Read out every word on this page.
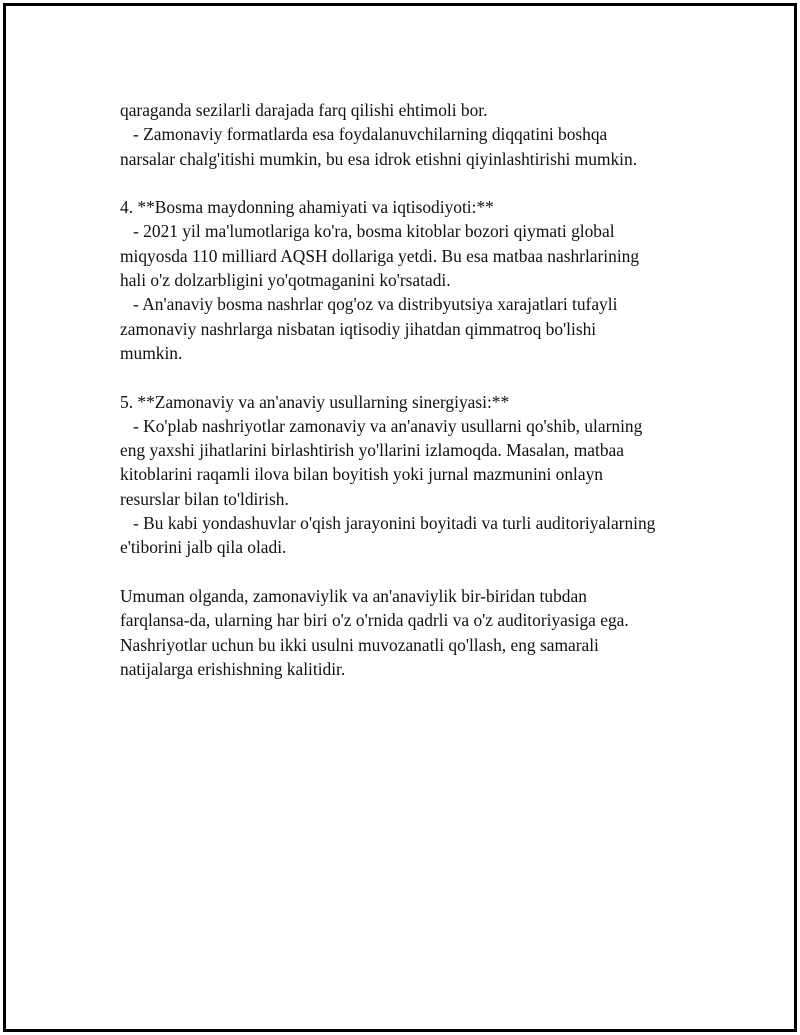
qaraganda sezilarli darajada farq qilishi ehtimoli bor.
- Zamonaviy formatlarda esa foydalanuvchilarning diqqatini boshqa
narsalar chalg'itishi mumkin, bu esa idrok etishni qiyinlashtirishi mumkin.
4. **Bosma maydonning ahamiyati va iqtisodiyoti:**
- 2021 yil ma'lumotlariga ko'ra, bosma kitoblar bozori qiymati global
miqyosda 110 milliard AQSH dollariga yetdi. Bu esa matbaa nashrlarining
hali o'z dolzarbligini yo'qotmaganini ko'rsatadi.
- An'anaviy bosma nashrlar qog'oz va distribyutsiya xarajatlari tufayli
zamonaviy nashrlarga nisbatan iqtisodiy jihatdan qimmatroq bo'lishi
mumkin.
5. **Zamonaviy va an'anaviy usullarning sinergiyasi:**
- Ko'plab nashriyotlar zamonaviy va an'anaviy usullarni qo'shib, ularning
eng yaxshi jihatlarini birlashtirish yo'llarini izlamoqda. Masalan, matbaa
kitoblarini raqamli ilova bilan boyitish yoki jurnal mazmunini onlayn
resurslar bilan to'ldirish.
- Bu kabi yondashuvlar o'qish jarayonini boyitadi va turli auditoriyalarning
e'tiborini jalb qila oladi.
Umuman olganda, zamonaviylik va an'anaviylik bir-biridan tubdan
farqlansa-da, ularning har biri o'z o'rnida qadrli va o'z auditoriyasiga ega.
Nashriyotlar uchun bu ikki usulni muvozanatli qo'llash, eng samarali
natijalarga erishishning kalitidir.
